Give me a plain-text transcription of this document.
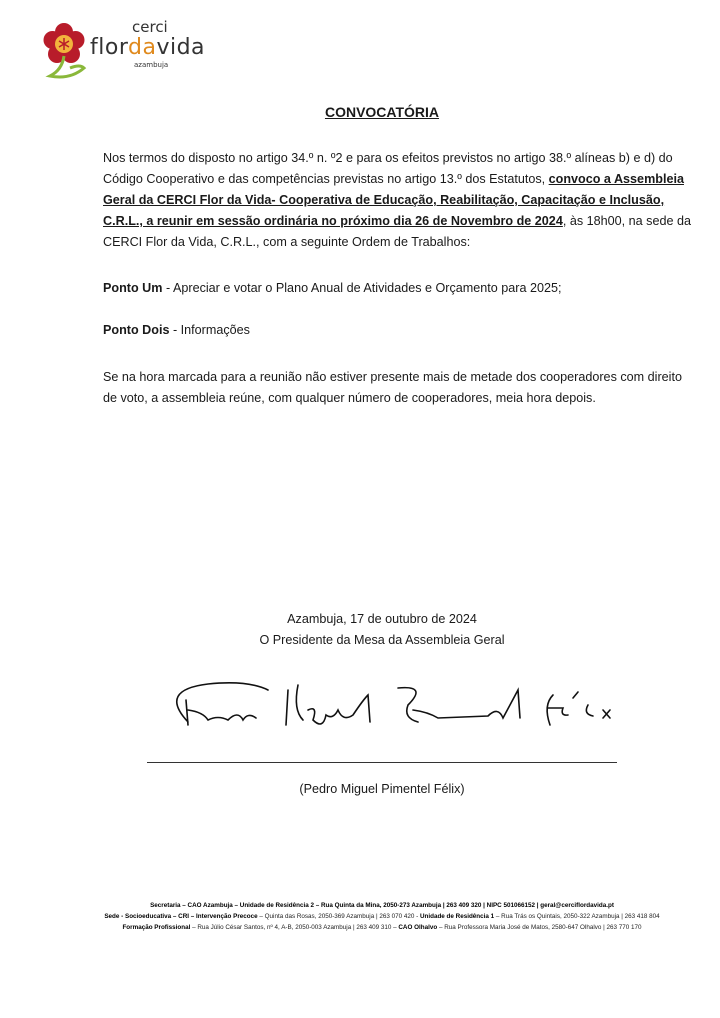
cerci
flordavida
azambuja
CONVOCATÓRIA
Nos termos do disposto no artigo 34.º n. º2 e para os efeitos previstos no artigo 38.º alíneas b) e d) do Código Cooperativo e das competências previstas no artigo 13.º dos Estatutos, convoco a Assembleia Geral da CERCI Flor da Vida- Cooperativa de Educação, Reabilitação, Capacitação e Inclusão, C.R.L., a reunir em sessão ordinária no próximo dia 26 de Novembro de 2024, às 18h00, na sede da CERCI Flor da Vida, C.R.L., com a seguinte Ordem de Trabalhos:
Ponto Um - Apreciar e votar o Plano Anual de Atividades e Orçamento para 2025;
Ponto Dois - Informações
Se na hora marcada para a reunião não estiver presente mais de metade dos cooperadores com direito de voto, a assembleia reúne, com qualquer número de cooperadores, meia hora depois.
Azambuja, 17 de outubro de 2024
O Presidente da Mesa da Assembleia Geral
(Pedro Miguel Pimentel Félix)
Secretaria – CAO Azambuja – Unidade de Residência 2 – Rua Quinta da Mina, 2050-273 Azambuja | 263 409 320 | NIPC 501066152 | geral@cerciflordavida.pt
Sede - Socioeducativa – CRI – Intervenção Precoce – Quinta das Rosas, 2050-369 Azambuja | 263 070 420 - Unidade de Residência 1 – Rua Trás os Quintais, 2050-322 Azambuja | 263 418 804
Formação Profissional – Rua Júlio César Santos, nº 4, A-B, 2050-003 Azambuja | 263 409 310 – CAO Olhalvo – Rua Professora Maria José de Matos, 2580-647 Olhalvo | 263 770 170
